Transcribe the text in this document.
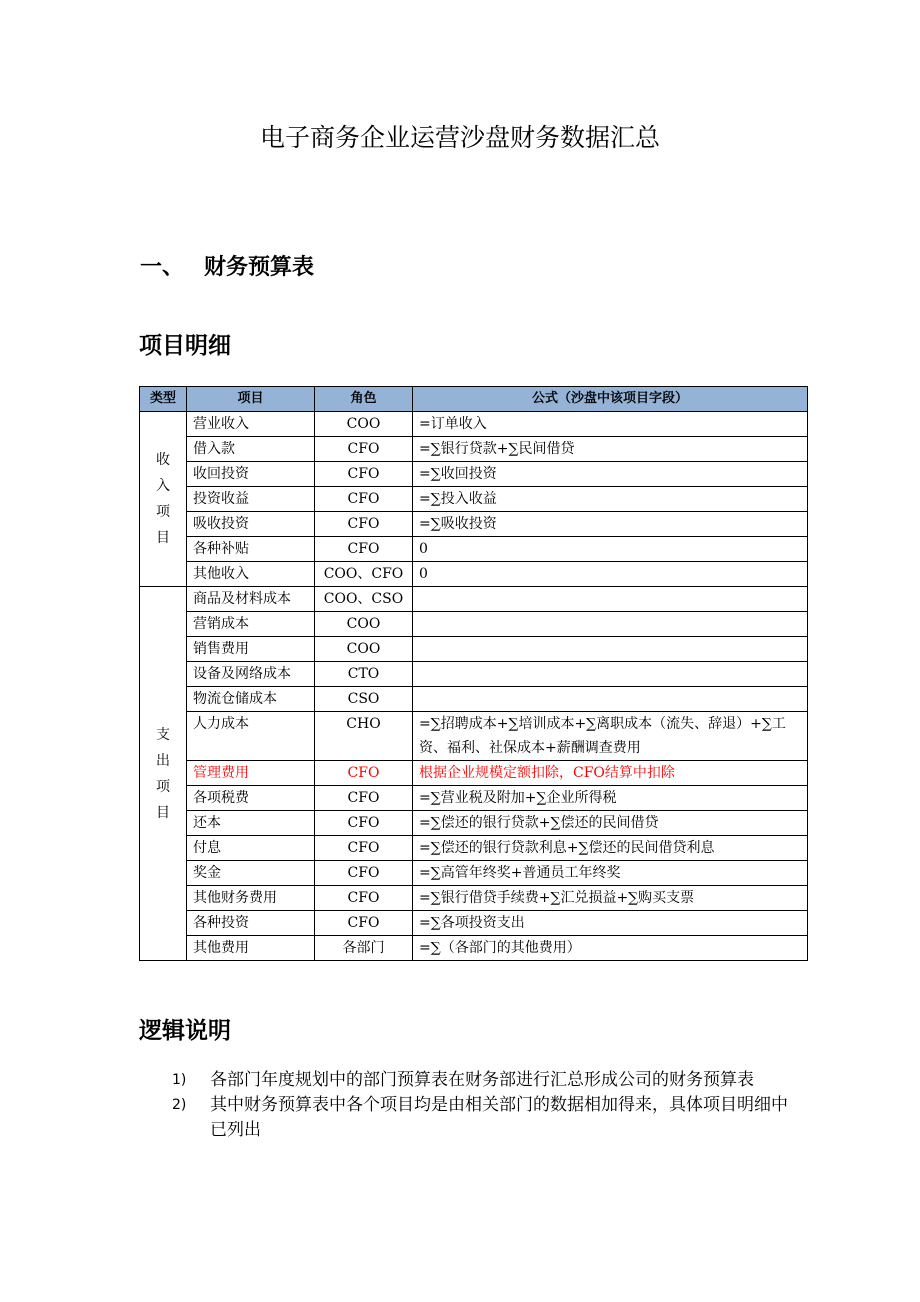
电子商务企业运营沙盘财务数据汇总
一、 财务预算表
项目明细
类型	项目	角色	公式（沙盘中该项目字段）
收入项目	营业收入	COO	=订单收入
	借入款	CFO	=∑银行贷款+∑民间借贷
	收回投资	CFO	=∑收回投资
	投资收益	CFO	=∑投入收益
	吸收投资	CFO	=∑吸收投资
	各种补贴	CFO	0
	其他收入	COO、CFO	0
支出项目	商品及材料成本	COO、CSO	
	营销成本	COO	
	销售费用	COO	
	设备及网络成本	CTO	
	物流仓储成本	CSO	
	人力成本	CHO	=∑招聘成本+∑培训成本+∑离职成本（流失、辞退）+∑工资、福利、社保成本+薪酬调查费用
	管理费用	CFO	根据企业规模定额扣除，CFO结算中扣除
	各项税费	CFO	=∑营业税及附加+∑企业所得税
	还本	CFO	=∑偿还的银行贷款+∑偿还的民间借贷
	付息	CFO	=∑偿还的银行贷款利息+∑偿还的民间借贷利息
	奖金	CFO	=∑高管年终奖+普通员工年终奖
	其他财务费用	CFO	=∑银行借贷手续费+∑汇兑损益+∑购买支票
	各种投资	CFO	=∑各项投资支出
	其他费用	各部门	=∑（各部门的其他费用）
逻辑说明
1)	各部门年度规划中的部门预算表在财务部进行汇总形成公司的财务预算表
2)	其中财务预算表中各个项目均是由相关部门的数据相加得来，具体项目明细中已列出
